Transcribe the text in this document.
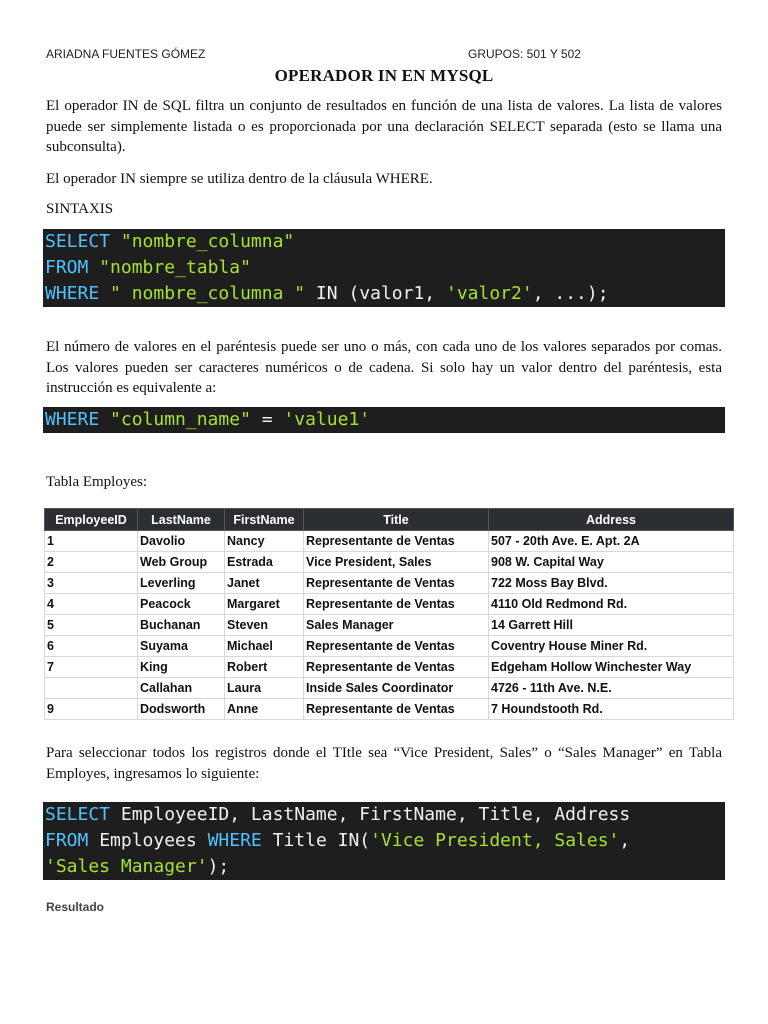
ARIADNA FUENTES GÓMEZ	GRUPOS: 501 Y 502
OPERADOR IN EN MYSQL

El operador IN de SQL filtra un conjunto de resultados en función de una lista de valores. La lista de valores puede ser simplemente listada o es proporcionada por una declaración SELECT separada (esto se llama una subconsulta).

El operador IN siempre se utiliza dentro de la cláusula WHERE.

SINTAXIS

SELECT "nombre_columna"
FROM "nombre_tabla"
WHERE " nombre_columna " IN (valor1, 'valor2', ...);

El número de valores en el paréntesis puede ser uno o más, con cada uno de los valores separados por comas. Los valores pueden ser caracteres numéricos o de cadena. Si solo hay un valor dentro del paréntesis, esta instrucción es equivalente a:

WHERE "column_name" = 'value1'

Tabla Employes:

EmployeeID	LastName	FirstName	Title	Address
1	Davolio	Nancy	Representante de Ventas	507 - 20th Ave. E. Apt. 2A
2	Web Group	Estrada	Vice President, Sales	908 W. Capital Way
3	Leverling	Janet	Representante de Ventas	722 Moss Bay Blvd.
4	Peacock	Margaret	Representante de Ventas	4110 Old Redmond Rd.
5	Buchanan	Steven	Sales Manager	14 Garrett Hill
6	Suyama	Michael	Representante de Ventas	Coventry House Miner Rd.
7	King	Robert	Representante de Ventas	Edgeham Hollow Winchester Way
	Callahan	Laura	Inside Sales Coordinator	4726 - 11th Ave. N.E.
9	Dodsworth	Anne	Representante de Ventas	7 Houndstooth Rd.

Para seleccionar todos los registros donde el TItle sea “Vice President, Sales” o “Sales Manager” en Tabla Employes, ingresamos lo siguiente:

SELECT EmployeeID, LastName, FirstName, Title, Address
FROM Employees WHERE Title IN('Vice President, Sales',
'Sales Manager');
Resultado
